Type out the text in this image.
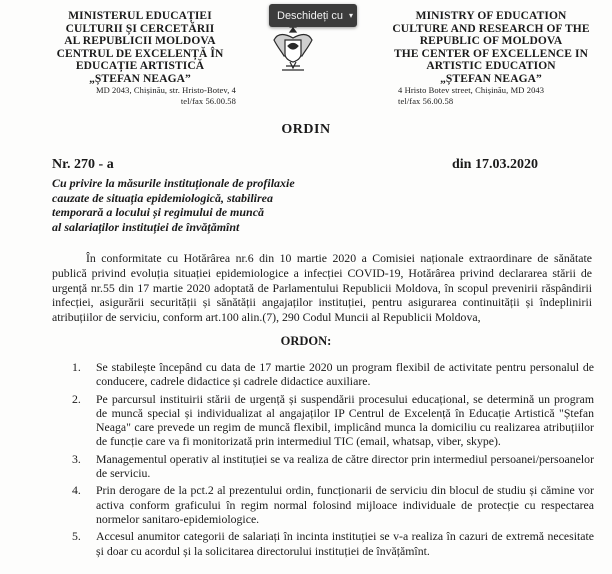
MINISTERUL EDUCAȚIEI
CULTURII ȘI CERCETĂRII
AL REPUBLICII MOLDOVA
CENTRUL DE EXCELENȚĂ ÎN
EDUCAȚIE ARTISTICĂ
„ȘTEFAN NEAGA”
MD 2043, Chișinău, str. Hristo-Botev, 4
tel/fax 56.00.58
MINISTRY OF EDUCATION
CULTURE AND RESEARCH OF THE
REPUBLIC OF MOLDOVA
THE CENTER OF EXCELLENCE IN
ARTISTIC EDUCATION
„ȘTEFAN NEAGA”
4 Hristo Botev street, Chișinău, MD 2043
tel/fax 56.00.58
Deschideți cu ▾
ORDIN
Nr. 270 - a	din 17.03.2020
Cu privire la măsurile instituționale de profilaxie
cauzate de situația epidemiologică, stabilirea
temporară a locului și regimului de muncă
al salariaților instituției de învățămînt
În conformitate cu Hotărârea nr.6 din 10 martie 2020 a Comisiei naționale extraordinare de sănătate publică privind evoluția situației epidemiologice a infecției COVID-19, Hotărârea privind declararea stării de urgență nr.55 din 17 martie 2020 adoptată de Parlamentului Republicii Moldova, în scopul prevenirii răspândirii infecției, asigurării securității și sănătății angajaților instituției, pentru asigurarea continuității și îndeplinirii atribuțiilor de serviciu, conform art.100 alin.(7), 290 Codul Muncii al Republicii Moldova,
ORDON:
1. Se stabilește începând cu data de 17 martie 2020 un program flexibil de activitate pentru personalul de conducere, cadrele didactice și cadrele didactice auxiliare.
2. Pe parcursul instituirii stării de urgență și suspendării procesului educațional, se determină un program de muncă special și individualizat al angajaților IP Centrul de Excelență în Educație Artistică "Ștefan Neaga" care prevede un regim de muncă flexibil, implicând munca la domiciliu cu realizarea atribuțiilor de funcție care va fi monitorizată prin intermediul TIC (email, whatsap, viber, skype).
3. Managementul operativ al instituției se va realiza de către director prin intermediul persoanei/persoanelor de serviciu.
4. Prin derogare de la pct.2 al prezentului ordin, funcționarii de serviciu din blocul de studiu și cămine vor activa conform graficului în regim normal folosind mijloace individuale de protecție cu respectarea normelor sanitaro-epidemiologice.
5. Accesul anumitor categorii de salariați în incinta instituției se v-a realiza în cazuri de extremă necesitate și doar cu acordul și la solicitarea directorului instituției de învățămînt.
